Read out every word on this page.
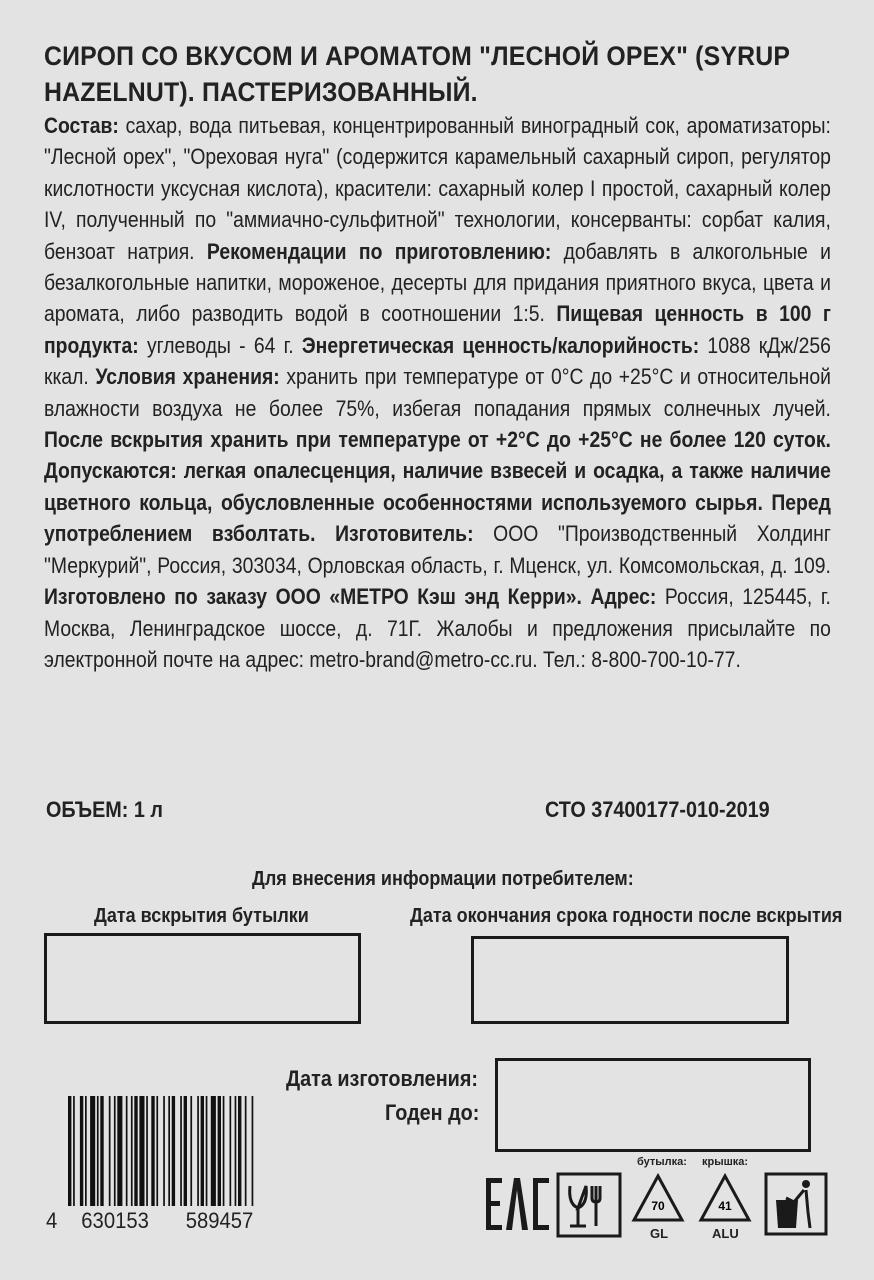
СИРОП СО ВКУСОМ И АРОМАТОМ "ЛЕСНОЙ ОРЕХ" (SYRUP HAZELNUT). ПАСТЕРИЗОВАННЫЙ.
Состав: сахар, вода питьевая, концентрированный виноградный сок, ароматизаторы: "Лесной орех", "Ореховая нуга" (содержится карамельный сахарный сироп, регулятор кислотности уксусная кислота), красители: сахарный колер I простой, сахарный колер IV, полученный по "аммиачно-сульфитной" технологии, консерванты: сорбат калия, бензоат натрия. Рекомендации по приготовлению: добавлять в алкогольные и безалкогольные напитки, мороженое, десерты для придания приятного вкуса, цвета и аромата, либо разводить водой в соотношении 1:5. Пищевая ценность в 100 г продукта: углеводы - 64 г. Энергетическая ценность/калорийность: 1088 кДж/256 ккал. Условия хранения: хранить при температуре от 0°С до +25°С и относительной влажности воздуха не более 75%, избегая попадания прямых солнечных лучей. После вскрытия хранить при температуре от +2°С до +25°С не более 120 суток. Допускаются: легкая опалесценция, наличие взвесей и осадка, а также наличие цветного кольца, обусловленные особенностями используемого сырья. Перед употреблением взболтать. Изготовитель: ООО "Производственный Холдинг "Меркурий", Россия, 303034, Орловская область, г. Мценск, ул. Комсомольская, д. 109. Изготовлено по заказу ООО «МЕТРО Кэш энд Керри». Адрес: Россия, 125445, г. Москва, Ленинградское шоссе, д. 71Г. Жалобы и предложения присылайте по электронной почте на адрес: metro-brand@metro-cc.ru. Тел.: 8-800-700-10-77.
ОБЪЕМ: 1 л	СТО 37400177-010-2019
Для внесения информации потребителем:
Дата вскрытия бутылки	Дата окончания срока годности после вскрытия
Дата изготовления:
Годен до:
4 630153 589457
бутылка: крышка:
70
GL
41
ALU
